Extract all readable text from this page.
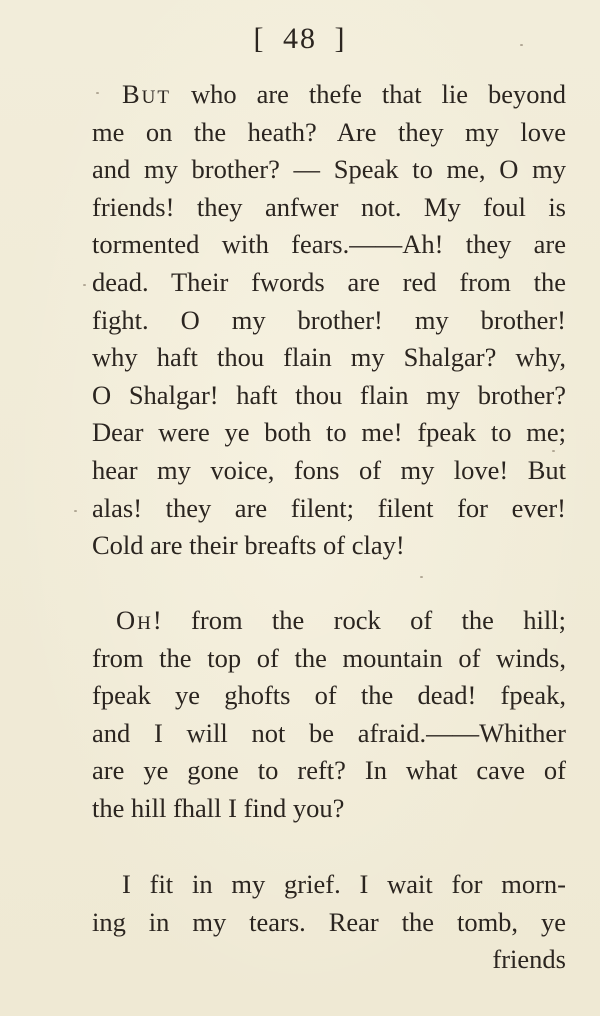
[ 48 ]
But who are thefe that lie beyond
me on the heath? Are they my love
and my brother? — Speak to me, O my
friends! they anfwer not. My foul is
tormented with fears.——Ah! they are
dead. Their fwords are red from the
fight. O my brother! my brother!
why haft thou flain my Shalgar? why,
O Shalgar! haft thou flain my brother?
Dear were ye both to me! fpeak to me;
hear my voice, fons of my love! But
alas! they are filent; filent for ever!
Cold are their breafts of clay!
Oh! from the rock of the hill;
from the top of the mountain of winds,
fpeak ye ghofts of the dead! fpeak,
and I will not be afraid.——Whither
are ye gone to reft? In what cave of
the hill fhall I find you?
I fit in my grief. I wait for morn-
ing in my tears. Rear the tomb, ye
friends
